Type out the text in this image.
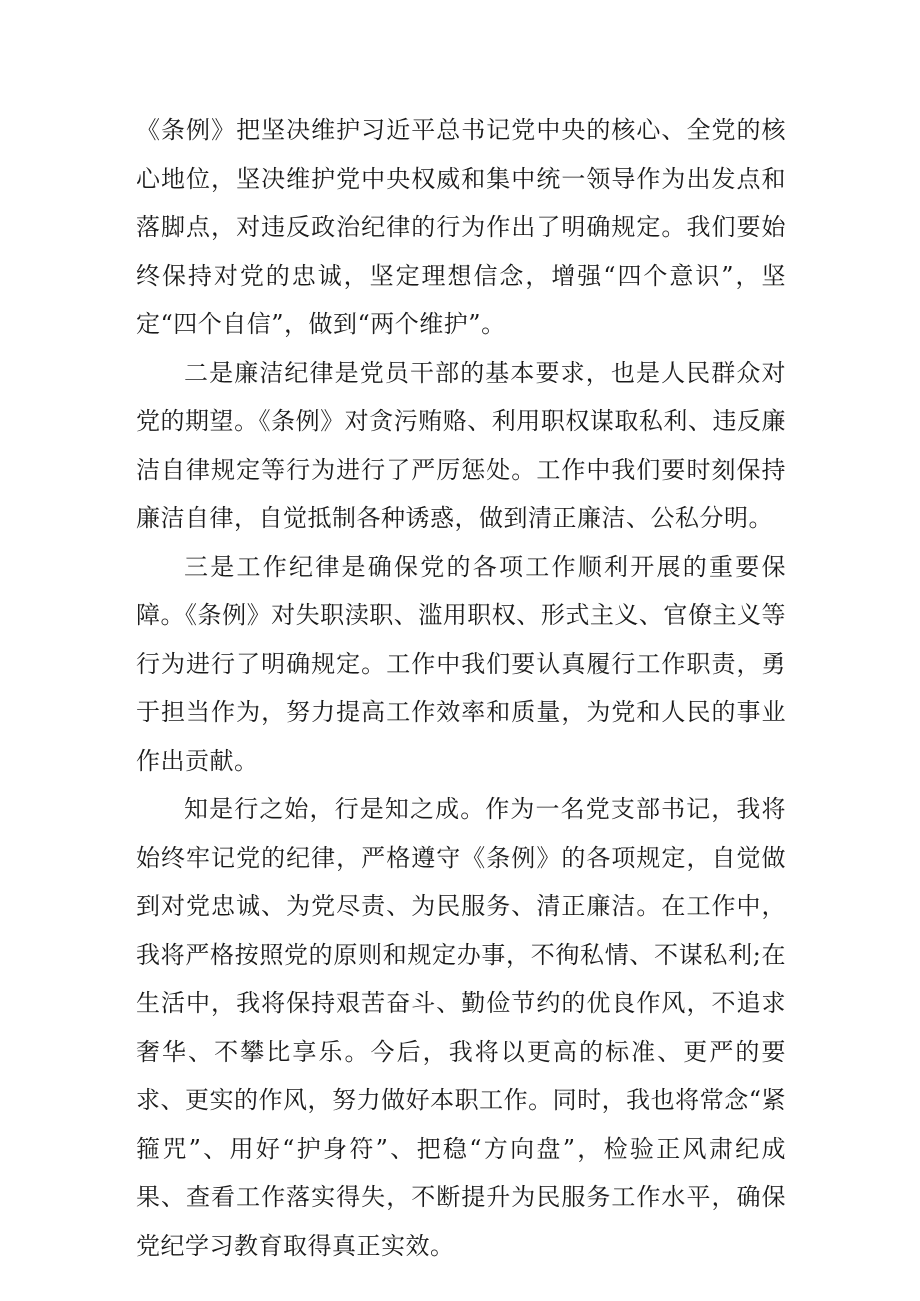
《条例》把坚决维护习近平总书记党中央的核心、全党的核心地位，坚决维护党中央权威和集中统一领导作为出发点和落脚点，对违反政治纪律的行为作出了明确规定。我们要始终保持对党的忠诚，坚定理想信念，增强“四个意识”，坚定“四个自信”，做到“两个维护”。

二是廉洁纪律是党员干部的基本要求，也是人民群众对党的期望。《条例》对贪污贿赂、利用职权谋取私利、违反廉洁自律规定等行为进行了严厉惩处。工作中我们要时刻保持廉洁自律，自觉抵制各种诱惑，做到清正廉洁、公私分明。

三是工作纪律是确保党的各项工作顺利开展的重要保障。《条例》对失职渎职、滥用职权、形式主义、官僚主义等行为进行了明确规定。工作中我们要认真履行工作职责，勇于担当作为，努力提高工作效率和质量，为党和人民的事业作出贡献。

知是行之始，行是知之成。作为一名党支部书记，我将始终牢记党的纪律，严格遵守《条例》的各项规定，自觉做到对党忠诚、为党尽责、为民服务、清正廉洁。在工作中，我将严格按照党的原则和规定办事，不徇私情、不谋私利;在生活中，我将保持艰苦奋斗、勤俭节约的优良作风，不追求奢华、不攀比享乐。今后，我将以更高的标准、更严的要求、更实的作风，努力做好本职工作。同时，我也将常念“紧箍咒”、用好“护身符”、把稳“方向盘”，检验正风肃纪成果、查看工作落实得失，不断提升为民服务工作水平，确保党纪学习教育取得真正实效。
